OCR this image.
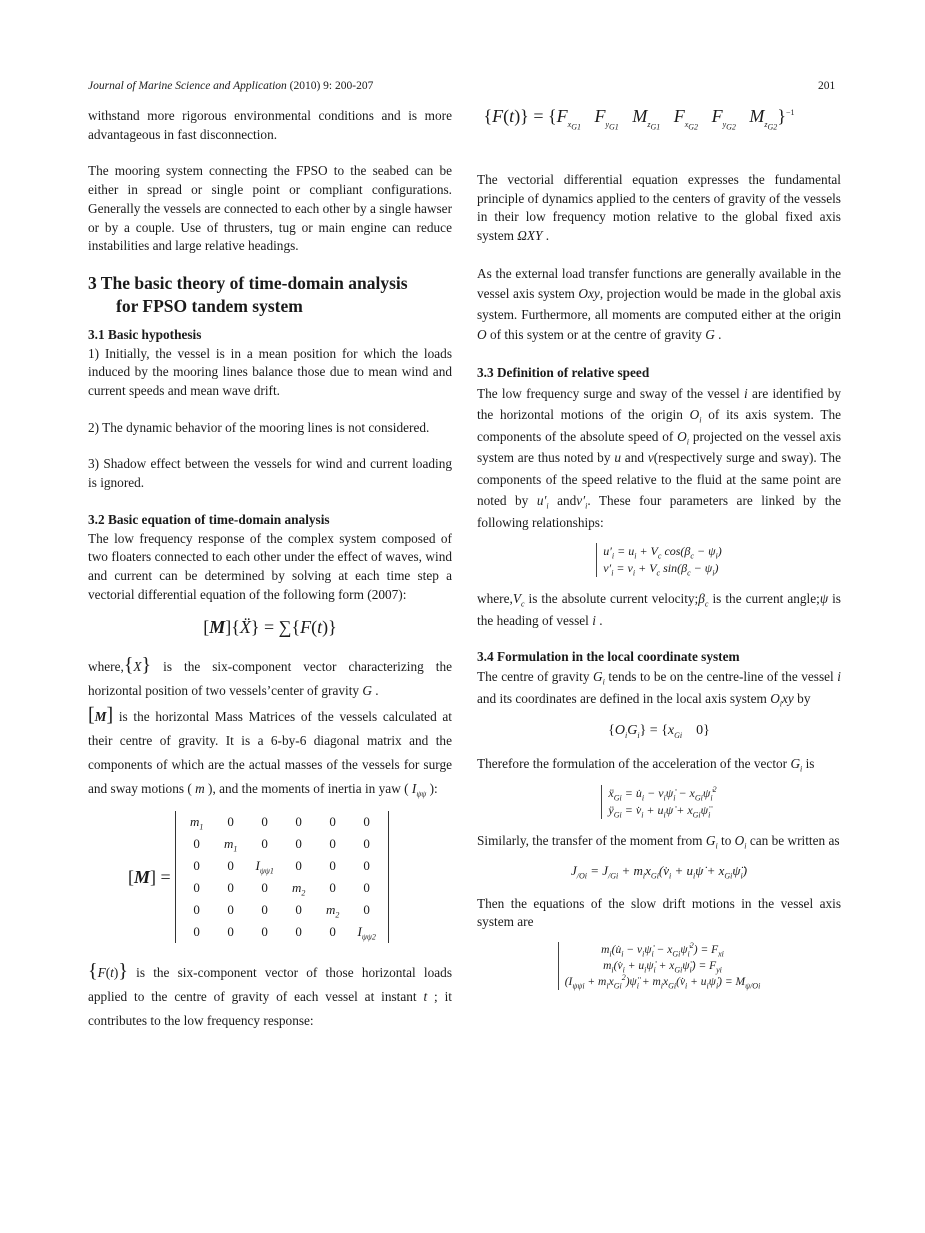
Journal of Marine Science and Application (2010) 9: 200-207	201

withstand more rigorous environmental conditions and is more advantageous in fast disconnection.

The mooring system connecting the FPSO to the seabed can be either in spread or single point or compliant configurations. Generally the vessels are connected to each other by a single hawser or by a couple. Use of thrusters, tug or main engine can reduce instabilities and large relative headings.

3 The basic theory of time-domain analysis
for FPSO tandem system
3.1 Basic hypothesis

1) Initially, the vessel is in a mean position for which the loads induced by the mooring lines balance those due to mean wind and current speeds and mean wave drift.

2) The dynamic behavior of the mooring lines is not considered.

3) Shadow effect between the vessels for wind and current loading is ignored.

3.2 Basic equation of time-domain analysis

The low frequency response of the complex system composed of two floaters connected to each other under the effect of waves, wind and current can be determined by solving at each time step a vectorial differential equation of the following form (2007):

[M]{Ẍ} = ∑{F(t)}

where,{X} is the six-component vector characterizing the horizontal position of two vessels’center of gravity G .

[M] is the horizontal Mass Matrices of the vessels calculated at their centre of gravity. It is a 6-by-6 diagonal matrix and the components of which are the actual masses of the vessels for surge and sway motions ( m ), and the moments of inertia in yaw ( $I_{\psi\psi}$ ):

[M] =
$m_1$	0	0	0	0	0
0	$m_1$	0	0	0	0
0	0	$I_{\psi\psi 1}$	0	0	0
0	0	0	$m_2$	0	0
0	0	0	0	$m_2$	0
0	0	0	0	0	$I_{\psi\psi 2}$

{F(t)} is the six-component vector of those horizontal loads applied to the centre of gravity of each vessel at instant t ; it contributes to the low frequency response:

$\{F(t)\} = \{F_{x_{G1}}$   $F_{y_{G1}}$   $M_{z_{G1}}$   $F_{x_{G2}}$   $F_{y_{G2}}$   $M_{z_{G2}}\}^{-1}$

The vectorial differential equation expresses the fundamental principle of dynamics applied to the centers of gravity of the vessels in their low frequency motion relative to the global fixed axis system ΩXY .

As the external load transfer functions are generally available in the vessel axis system Oxy, projection would be made in the global axis system. Furthermore, all moments are computed either at the origin O of this system or at the centre of gravity G .

3.3 Definition of relative speed

The low frequency surge and sway of the vessel i are identified by the horizontal motions of the origin $O_i$ of its axis system. The components of the absolute speed of $O_i$ projected on the vessel axis system are thus noted by u and v(respectively surge and sway). The components of the speed relative to the fluid at the same point are noted by $u'_i$ $andv'_i$. These four parameters are linked by the following relationships:

$u'_i = u_i + V_c$ $\cos(\beta_c - \psi_i)$
$v'_i = v_i + V_c$ $\sin(\beta_c - \psi_i)$

$where,V_c$ is the absolute current $velocity;\beta_c$ is the current angle;ψ is the heading of vessel i .

3.4 Formulation in the local coordinate system

The centre of gravity $G_i$ tends to be on the centre-line of the vessel i and its coordinates are defined in the local axis system $O_ixy$ by

$\{O_iG_i\} = \{x_{Gi}$    0}

Therefore the formulation of the acceleration of the vector $G_i$ is

ẍ$_{Gi}$ = $u̇_i$ − $v_i\psi̇_i$ − $x_{Gi}\psi̇_i^2$
$ÿ_{Gi}$ = $v̇_i$ + $u_i\psi̇$ + $x_{Gi}\psï_i$

Similarly, the transfer of the moment from $G_i$ to $O_i$ can be written as

$J_{/Oi} = J_{/Gi}$ + $m_ix_{Gi}(v̇_i$ + $u_i\psi̇$ + $x_{Gi}\psï_i$)

Then the equations of the slow drift motions in the vessel axis system are

$m_i(u̇_i$ − $v_i\psi̇_i$ − $x_{Gi}\psi̇_i^2) = F_{xi}$
$m_i(v̇_i$ + $u_i\psi̇_i$ + $x_{Gi}\psï_i) = F_{yi}$
($I_{\psi\psi i}$ + $m_ix_{Gi}^2)\psï_i$ + $m_ix_{Gi}(v̇_i$ + $u_i\psi̇_i) = M_{\psi/Oi}$
